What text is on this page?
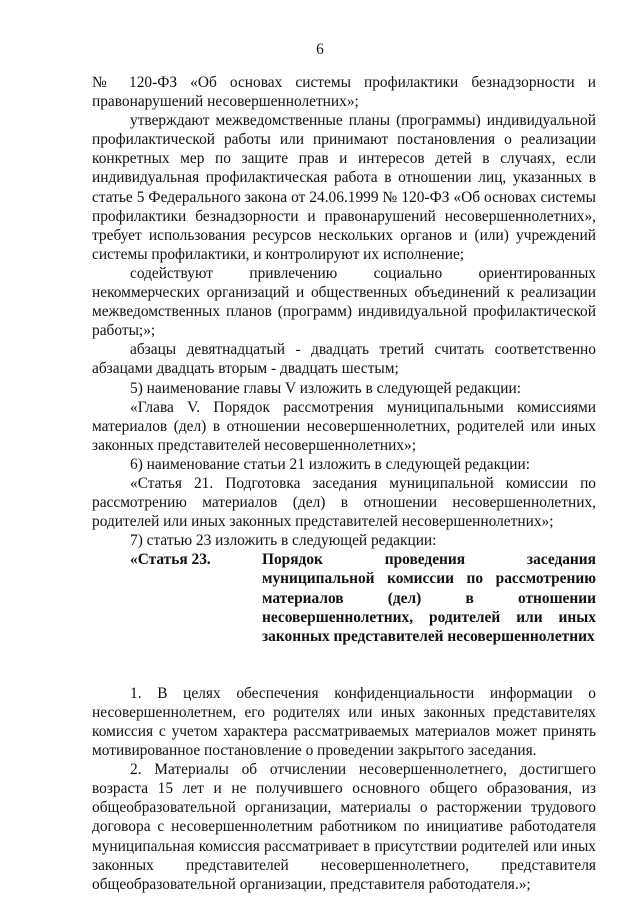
6

№ 120-ФЗ «Об основах системы профилактики безнадзорности и правонарушений несовершеннолетних»;

утверждают межведомственные планы (программы) индивидуальной профилактической работы или принимают постановления о реализации конкретных мер по защите прав и интересов детей в случаях, если индивидуальная профилактическая работа в отношении лиц, указанных в статье 5 Федерального закона от 24.06.1999 № 120-ФЗ «Об основах системы профилактики безнадзорности и правонарушений несовершеннолетних», требует использования ресурсов нескольких органов и (или) учреждений системы профилактики, и контролируют их исполнение;

содействуют привлечению социально ориентированных некоммерческих организаций и общественных объединений к реализации межведомственных планов (программ) индивидуальной профилактической работы;»;

абзацы девятнадцатый - двадцать третий считать соответственно абзацами двадцать вторым - двадцать шестым;

5) наименование главы V изложить в следующей редакции:

«Глава V. Порядок рассмотрения муниципальными комиссиями материалов (дел) в отношении несовершеннолетних, родителей или иных законных представителей несовершеннолетних»;

6) наименование статьи 21 изложить в следующей редакции:

«Статья 21. Подготовка заседания муниципальной комиссии по рассмотрению материалов (дел) в отношении несовершеннолетних, родителей или иных законных представителей несовершеннолетних»;

7) статью 23 изложить в следующей редакции:

«Статья 23.	Порядок проведения заседания муниципальной комиссии по рассмотрению материалов (дел) в отношении несовершеннолетних, родителей или иных законных представителей несовершеннолетних

1. В целях обеспечения конфиденциальности информации о несовершеннолетнем, его родителях или иных законных представителях комиссия с учетом характера рассматриваемых материалов может принять мотивированное постановление о проведении закрытого заседания.

2. Материалы об отчислении несовершеннолетнего, достигшего возраста 15 лет и не получившего основного общего образования, из общеобразовательной организации, материалы о расторжении трудового договора с несовершеннолетним работником по инициативе работодателя муниципальная комиссия рассматривает в присутствии родителей или иных законных представителей несовершеннолетнего, представителя общеобразовательной организации, представителя работодателя.»;
